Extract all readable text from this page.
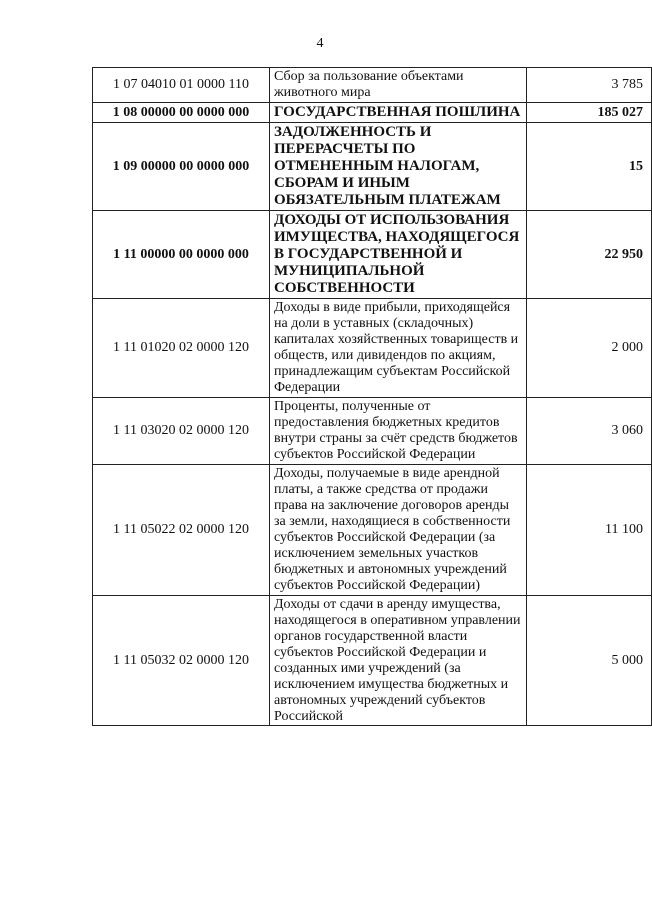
4
1 07 04010 01 0000 110	Сбор за пользование объектами животного мира	3 785
1 08 00000 00 0000 000	ГОСУДАРСТВЕННАЯ ПОШЛИНА	185 027
1 09 00000 00 0000 000	ЗАДОЛЖЕННОСТЬ И ПЕРЕРАСЧЕТЫ ПО ОТМЕНЕННЫМ НАЛОГАМ, СБОРАМ И ИНЫМ ОБЯЗАТЕЛЬНЫМ ПЛАТЕЖАМ	15
1 11 00000 00 0000 000	ДОХОДЫ ОТ ИСПОЛЬЗОВАНИЯ ИМУЩЕСТВА, НАХОДЯЩЕГОСЯ В ГОСУДАРСТВЕННОЙ И МУНИЦИПАЛЬНОЙ СОБСТВЕННОСТИ	22 950
1 11 01020 02 0000 120	Доходы в виде прибыли, приходящейся на доли в уставных (складочных) капиталах хозяйственных товариществ и обществ, или дивидендов по акциям, принадлежащим субъектам Российской Федерации	2 000
1 11 03020 02 0000 120	Проценты, полученные от предоставления бюджетных кредитов внутри страны за счёт средств бюджетов субъектов Российской Федерации	3 060
1 11 05022 02 0000 120	Доходы, получаемые в виде арендной платы, а также средства от продажи права на заключение договоров аренды за земли, находящиеся в собственности субъектов Российской Федерации (за исключением земельных участков бюджетных и автономных учреждений субъектов Российской Федерации)	11 100
1 11 05032 02 0000 120	Доходы от сдачи в аренду имущества, находящегося в оперативном управлении органов государственной власти субъектов Российской Федерации и созданных ими учреждений (за исключением имущества бюджетных и автономных учреждений субъектов Российской	5 000
